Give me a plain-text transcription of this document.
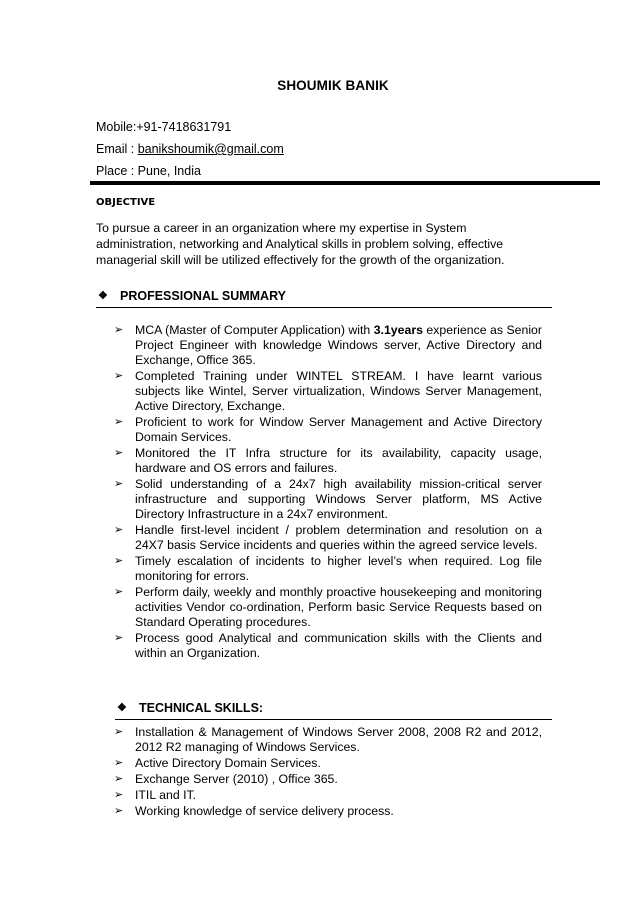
SHOUMIK BANIK
Mobile:+91-7418631791
Email : banikshoumik@gmail.com
Place : Pune, India
OBJECTIVE
To pursue a career in an organization where my expertise in System administration, networking and Analytical skills in problem solving, effective managerial skill will be utilized effectively for the growth of the organization.
❖ PROFESSIONAL SUMMARY
➢ MCA (Master of Computer Application) with 3.1years experience as Senior Project Engineer with knowledge Windows server, Active Directory and Exchange, Office 365.
➢ Completed Training under WINTEL STREAM. I have learnt various subjects like Wintel, Server virtualization, Windows Server Management, Active Directory, Exchange.
➢ Proficient to work for Window Server Management and Active Directory Domain Services.
➢ Monitored the IT Infra structure for its availability, capacity usage, hardware and OS errors and failures.
➢ Solid understanding of a 24x7 high availability mission-critical server infrastructure and supporting Windows Server platform, MS Active Directory Infrastructure in a 24x7 environment.
➢ Handle first-level incident / problem determination and resolution on a 24X7 basis Service incidents and queries within the agreed service levels.
➢ Timely escalation of incidents to higher level’s when required. Log file monitoring for errors.
➢ Perform daily, weekly and monthly proactive housekeeping and monitoring activities Vendor co-ordination, Perform basic Service Requests based on Standard Operating procedures.
➢ Process good Analytical and communication skills with the Clients and within an Organization.
❖ TECHNICAL SKILLS:
➢ Installation & Management of Windows Server 2008, 2008 R2 and 2012, 2012 R2 managing of Windows Services.
➢ Active Directory Domain Services.
➢ Exchange Server (2010) , Office 365.
➢ ITIL and IT.
➢ Working knowledge of service delivery process.
